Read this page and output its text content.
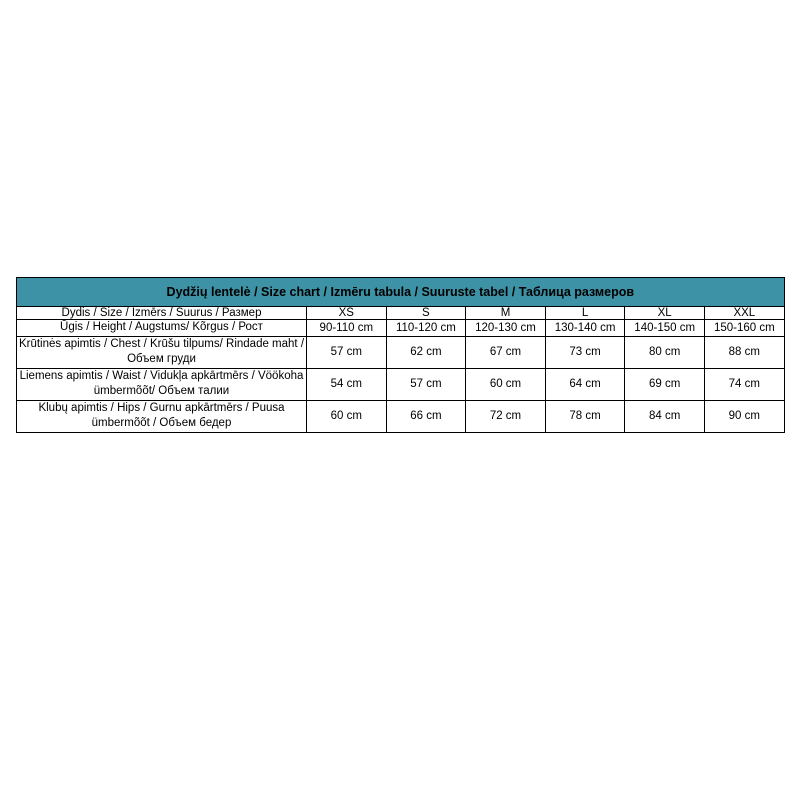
Dydžių lentelė / Size chart / Izmēru tabula / Suuruste tabel / Таблица размеров						
Dydis / Size / Izmērs / Suurus / Размер	XS	S	M	L	XL	XXL
Ūgis / Height / Augstums/ Kõrgus / Рост	90-110 cm	110-120 cm	120-130 cm	130-140 cm	140-150 cm	150-160 cm
Krūtinės apimtis / Chest / Krūšu tilpums/ Rindade maht / Объем груди	57 cm	62 cm	67 cm	73 cm	80 cm	88 cm
Liemens apimtis / Waist / Vidukļa apkārtmērs / Vöökoha ümbermõõt/ Объем талии	54 cm	57 cm	60 cm	64 cm	69 cm	74 cm
Klubų apimtis / Hips / Gurnu apkārtmērs / Puusa ümbermõõt / Объем бедер	60 cm	66 cm	72 cm	78 cm	84 cm	90 cm
